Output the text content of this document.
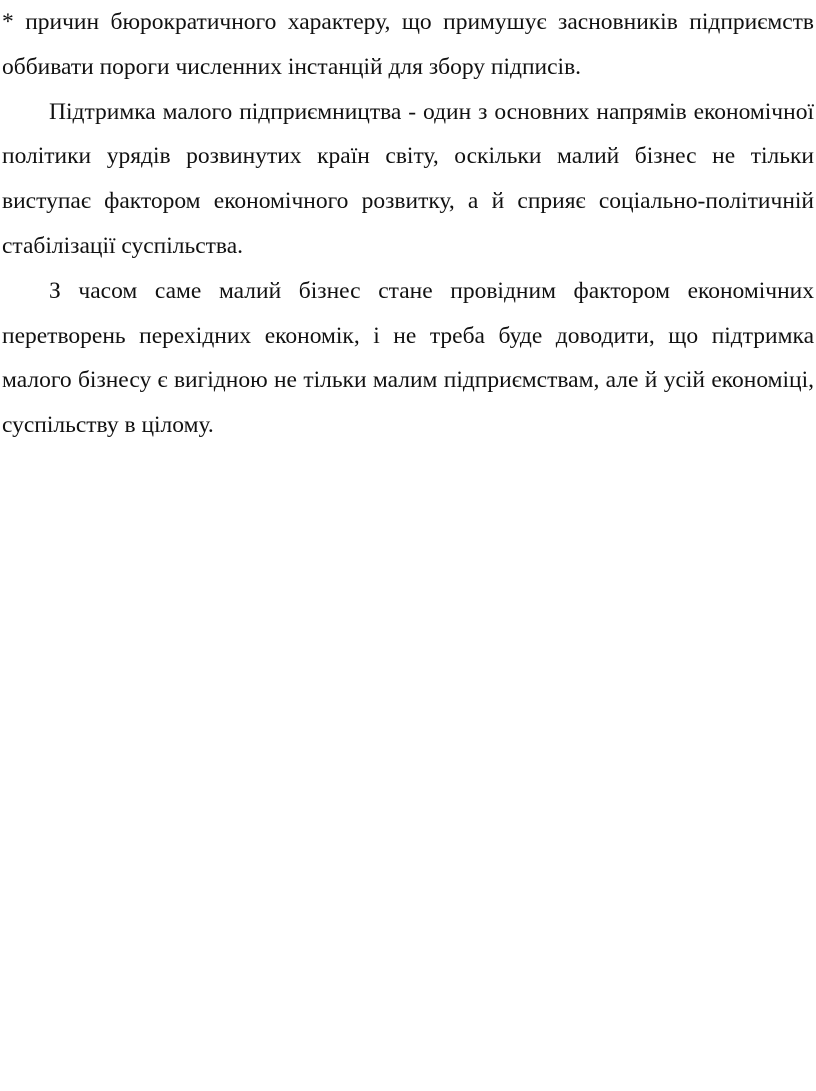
* причин бюрократичного характеру, що примушує засновників підприємств оббивати пороги численних інстанцій для збору підписів.

Підтримка малого підприємництва - один з основних напрямів економічної політики урядів розвинутих країн світу, оскільки малий бізнес не тільки виступає фактором економічного розвитку, а й сприяє соціально-політичній стабілізації суспільства.

З часом саме малий бізнес стане провідним фактором економічних перетворень перехідних економік, і не треба буде доводити, що підтримка малого бізнесу є вигідною не тільки малим підприємствам, але й усій економіці, суспільству в цілому.
